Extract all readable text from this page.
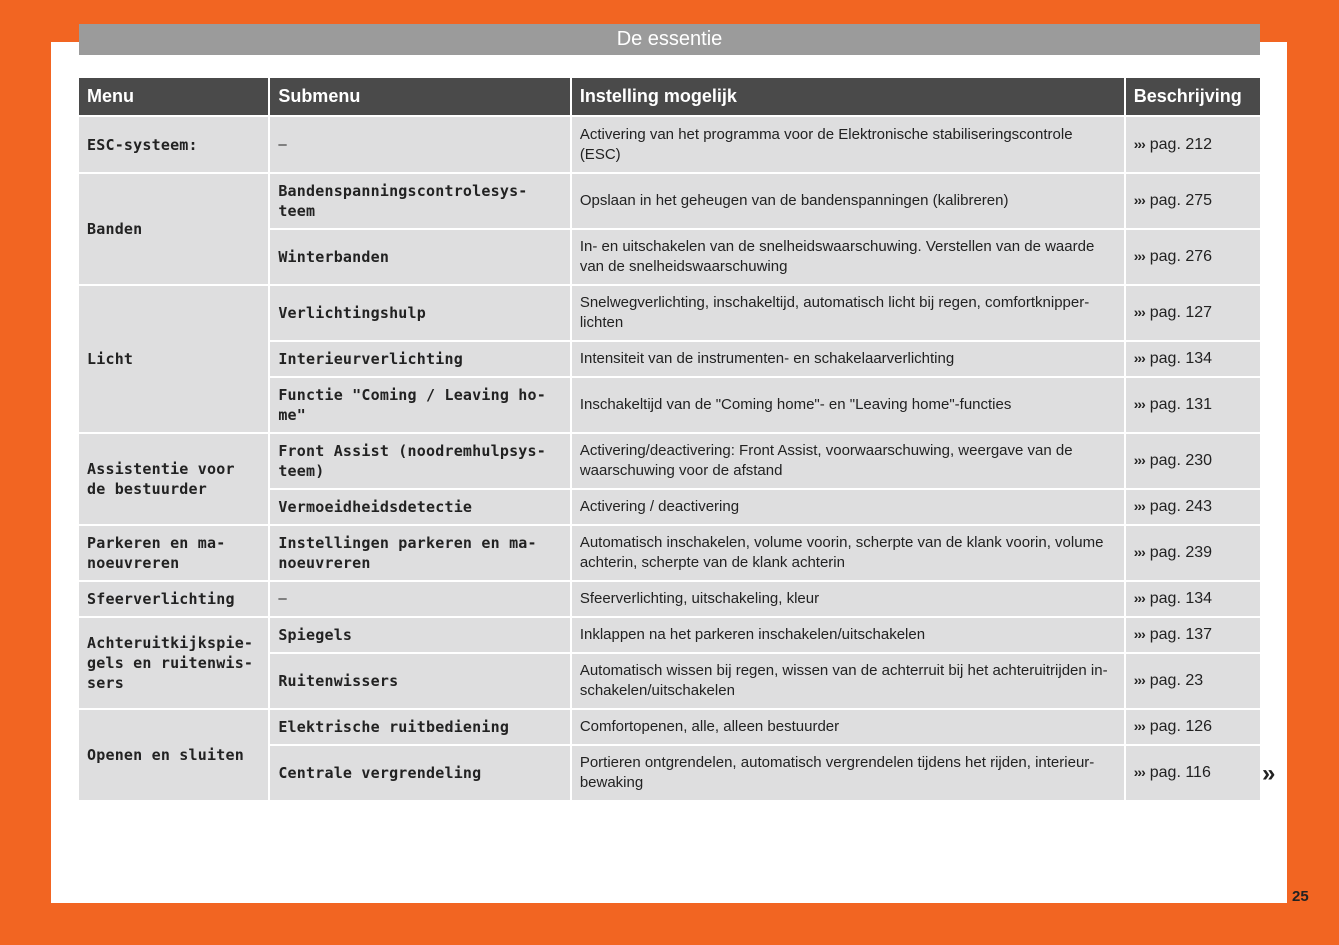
De essentie
Menu	Submenu	Instelling mogelijk	Beschrijving
ESC-systeem:	–	Activering van het programma voor de Elektronische stabiliseringscontrole (ESC)	››› pag. 212
Banden	Bandenspanningscontrolesys-teem	Opslaan in het geheugen van de bandenspanningen (kalibreren)	››› pag. 275
	Winterbanden	In- en uitschakelen van de snelheidswaarschuwing. Verstellen van de waarde van de snelheidswaarschuwing	››› pag. 276
Licht	Verlichtingshulp	Snelwegverlichting, inschakeltijd, automatisch licht bij regen, comfortknipper-lichten	››› pag. 127
	Interieurverlichting	Intensiteit van de instrumenten- en schakelaarverlichting	››› pag. 134
	Functie "Coming / Leaving ho-me"	Inschakeltijd van de "Coming home"- en "Leaving home"-functies	››› pag. 131
Assistentie voor de bestuurder	Front Assist (noodremhulpsys-teem)	Activering/deactivering: Front Assist, voorwaarschuwing, weergave van de waarschuwing voor de afstand	››› pag. 230
	Vermoeidheidsdetectie	Activering / deactivering	››› pag. 243
Parkeren en ma-noeuvreren	Instellingen parkeren en ma-noeuvreren	Automatisch inschakelen, volume voorin, scherpte van de klank voorin, volume achterin, scherpte van de klank achterin	››› pag. 239
Sfeerverlichting	–	Sfeerverlichting, uitschakeling, kleur	››› pag. 134
Achteruitkijkspie-gels en ruitenwis-sers	Spiegels	Inklappen na het parkeren inschakelen/uitschakelen	››› pag. 137
	Ruitenwissers	Automatisch wissen bij regen, wissen van de achterruit bij het achteruitrijden in-schakelen/uitschakelen	››› pag. 23
Openen en sluiten	Elektrische ruitbediening	Comfortopenen, alle, alleen bestuurder	››› pag. 126
	Centrale vergrendeling	Portieren ontgrendelen, automatisch vergrendelen tijdens het rijden, interieur-bewaking	››› pag. 116 »
25
